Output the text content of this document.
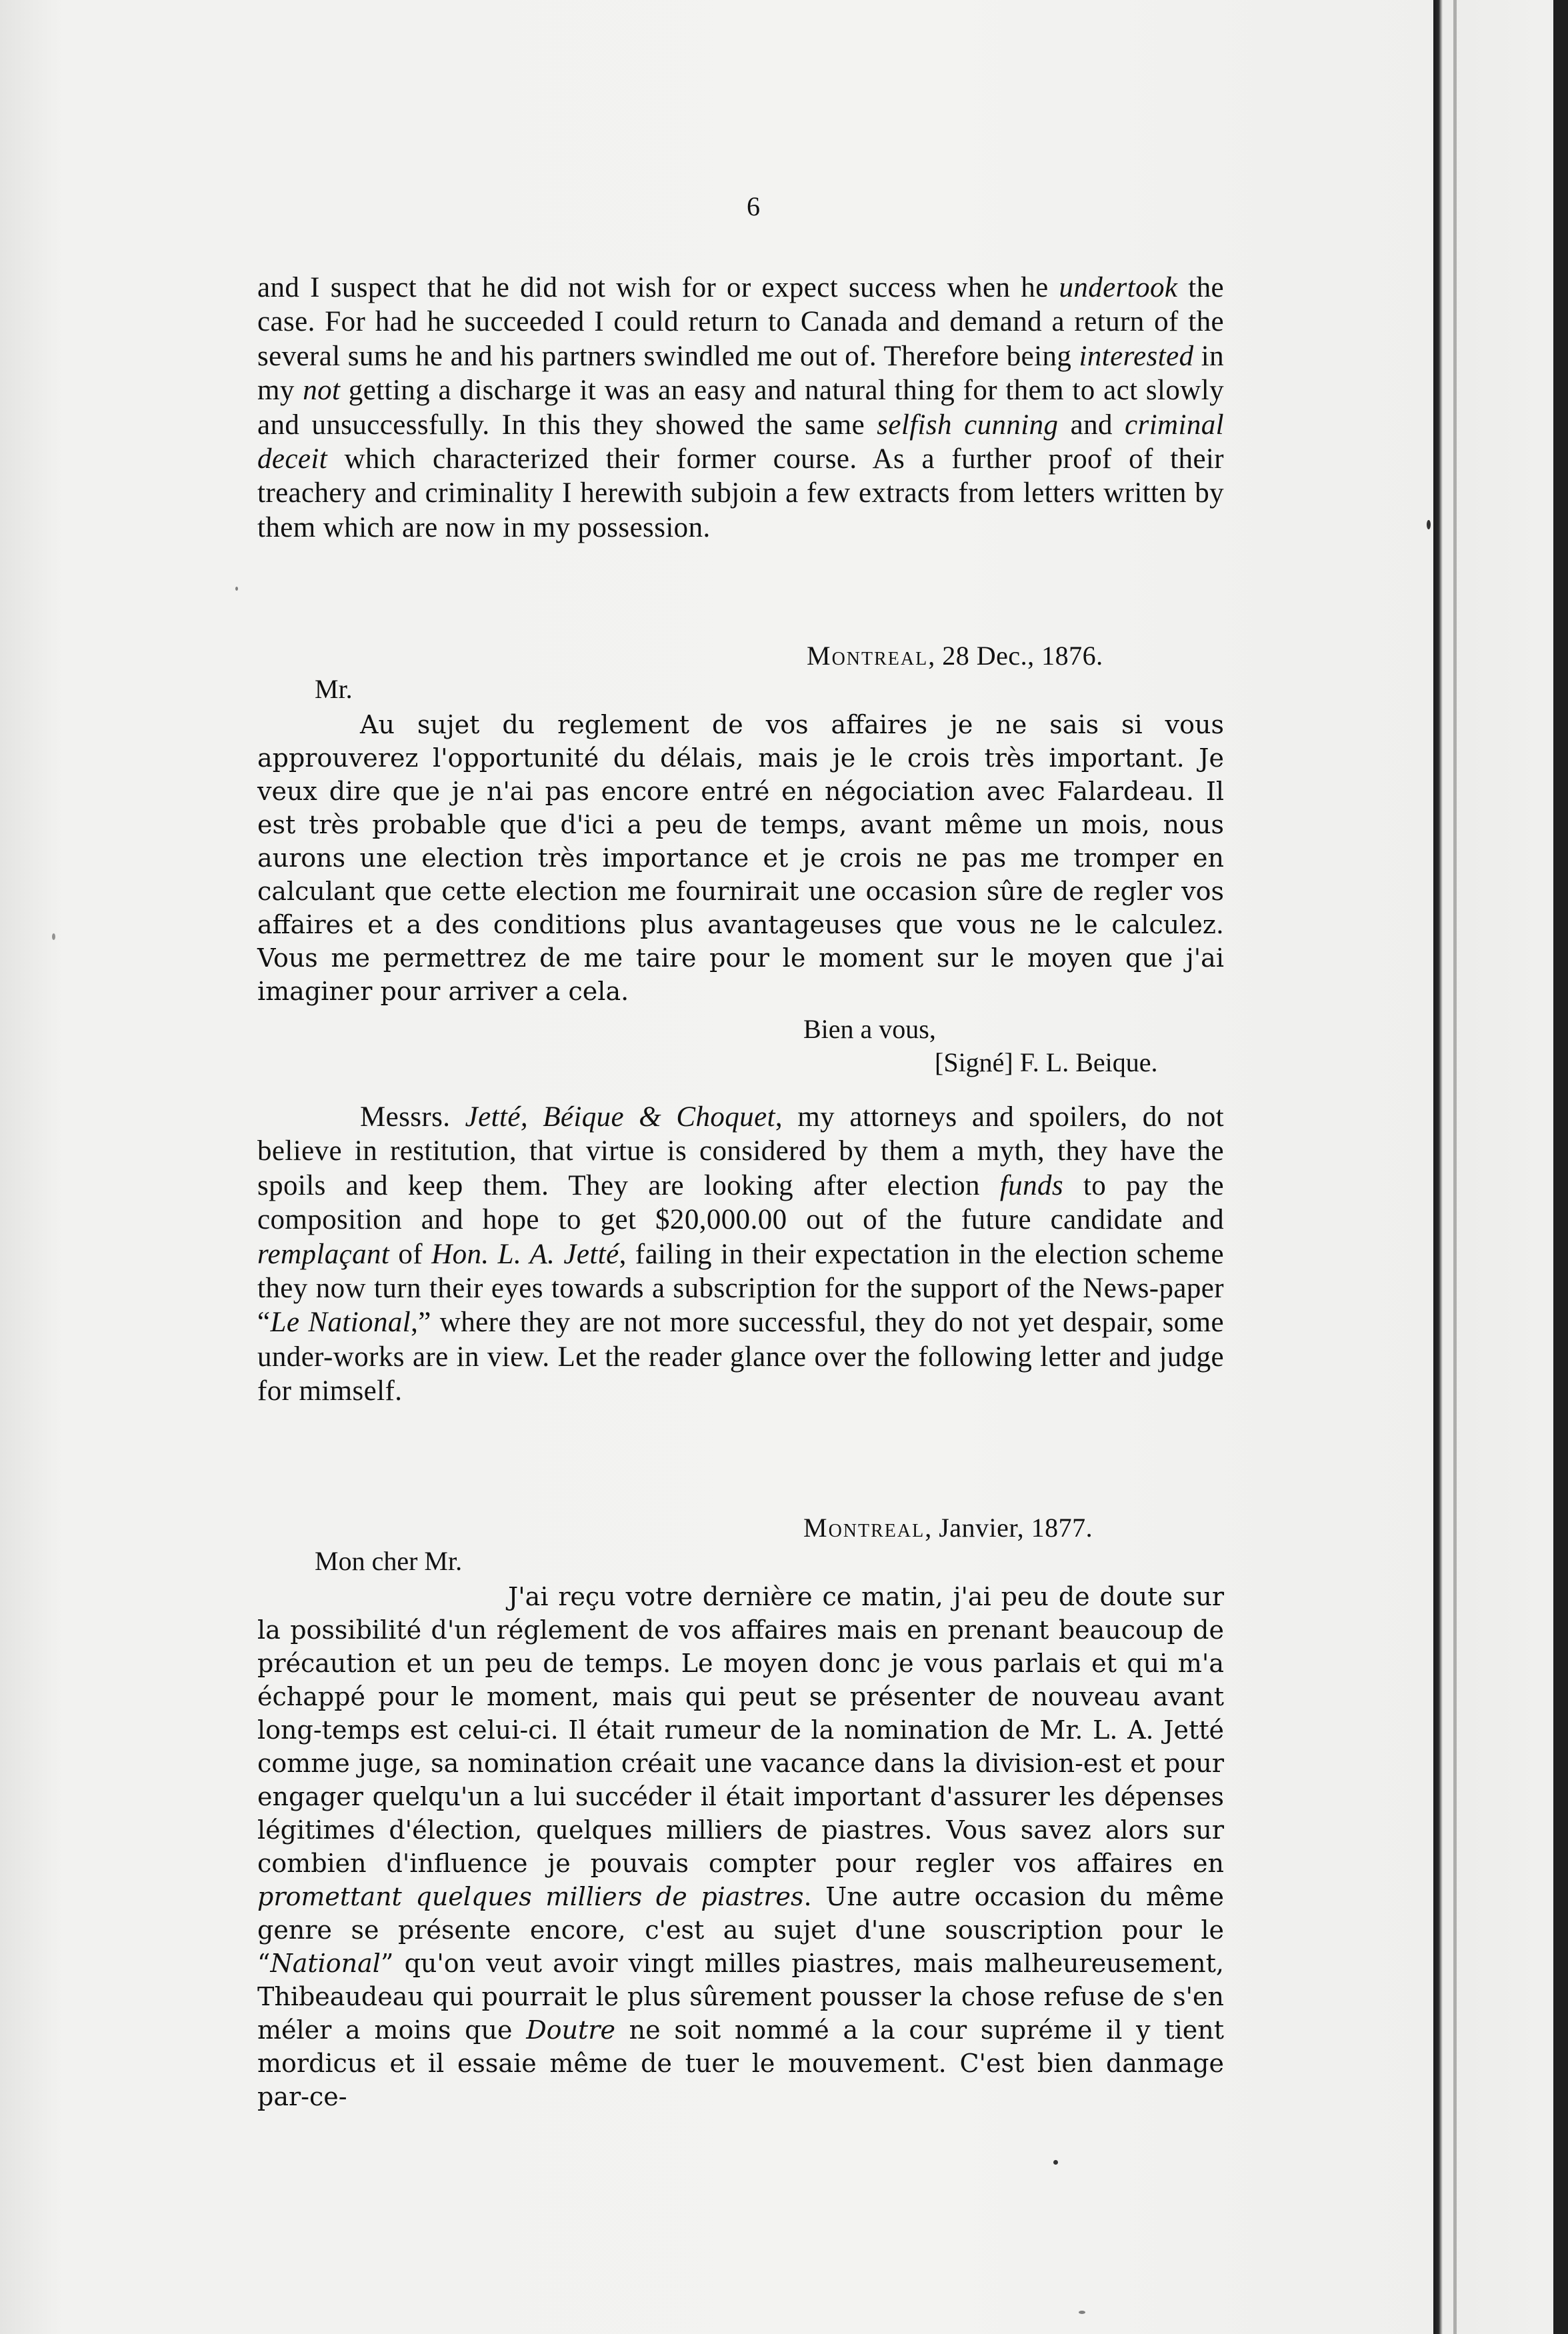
6

and I suspect that he did not wish for or expect success when he undertook the case. For had he succeeded I could return to Canada and demand a return of the several sums he and his partners swindled me out of. Therefore being interested in my not getting a discharge it was an easy and natural thing for them to act slowly and unsuccessfully. In this they showed the same selfish cunning and criminal deceit which characterized their former course. As a further proof of their treachery and criminality I herewith subjoin a few extracts from letters written by them which are now in my possession.

Montreal, 28 Dec., 1876.
Mr.

Au sujet du reglement de vos affaires je ne sais si vous approuverez l'opportunité du délais, mais je le crois très important. Je veux dire que je n'ai pas encore entré en négociation avec Falardeau. Il est très probable que d'ici a peu de temps, avant même un mois, nous aurons une election très importance et je crois ne pas me tromper en calculant que cette election me fournirait une occasion sûre de regler vos affaires et a des conditions plus avantageuses que vous ne le calculez. Vous me permettrez de me taire pour le moment sur le moyen que j'ai imaginer pour arriver a cela.

Bien a vous,
[Signé] F. L. Beique.

Messrs. Jetté, Béique & Choquet, my attorneys and spoilers, do not believe in restitution, that virtue is considered by them a myth, they have the spoils and keep them. They are looking after election funds to pay the composition and hope to get $20,000.00 out of the future candidate and remplaçant of Hon. L. A. Jetté, failing in their expectation in the election scheme they now turn their eyes towards a subscription for the support of the News-paper “Le National,” where they are not more successful, they do not yet despair, some under-works are in view. Let the reader glance over the following letter and judge for mimself.

Montreal, Janvier, 1877.
Mon cher Mr.

J'ai reçu votre dernière ce matin, j'ai peu de doute sur la possibilité d'un réglement de vos affaires mais en prenant beaucoup de précaution et un peu de temps. Le moyen donc je vous parlais et qui m'a échappé pour le moment, mais qui peut se présenter de nouveau avant long-temps est celui-ci. Il était rumeur de la nomination de Mr. L. A. Jetté comme juge, sa nomination créait une vacance dans la division-est et pour engager quelqu'un a lui succéder il était important d'assurer les dépenses légitimes d'élection, quelques milliers de piastres. Vous savez alors sur combien d'influence je pouvais compter pour regler vos affaires en promettant quelques milliers de piastres. Une autre occasion du même genre se présente encore, c'est au sujet d'une souscription pour le “National” qu'on veut avoir vingt milles piastres, mais malheureusement, Thibeaudeau qui pourrait le plus sûrement pousser la chose refuse de s'en méler a moins que Doutre ne soit nommé a la cour supréme il y tient mordicus et il essaie même de tuer le mouvement. C'est bien danmage par-ce-
